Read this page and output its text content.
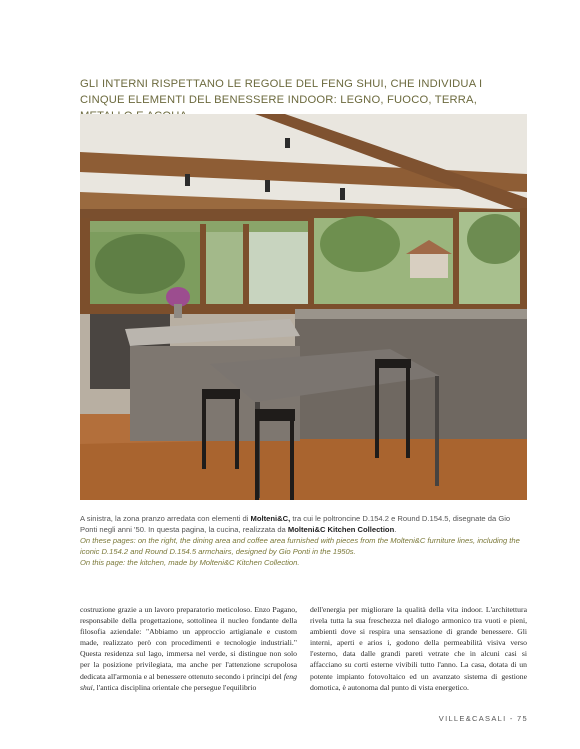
GLI INTERNI RISPETTANO LE REGOLE DEL FENG SHUI, CHE INDIVIDUA I CINQUE ELEMENTI DEL BENESSERE INDOOR: LEGNO, FUOCO, TERRA,

A sinistra, la zona pranzo arredata con elementi di Molteni&C, tra cui le poltroncine D.154.2 e Round D.154.5, disegnate da Gio Ponti negli anni '50. In questa pagina, la cucina, realizzata da Molteni&C Kitchen Collection.

On these pages: on the right, the dining area and coffee area furnished with pieces from the Molteni&C furniture lines, including the iconic D.154.2 and Round D.154.5 armchairs, designed by Gio Ponti in the 1950s.
On this page: the kitchen, made by Molteni&C Kitchen Collection.

costruzione grazie a un lavoro preparatorio meticoloso. Enzo Pagano, responsabile della progettazione, sottolinea il nucleo fondante della filosofia aziendale: "Abbiamo un approccio artigianale e custom made, realizzato però con procedimenti e tecnologie industriali." Questa residenza sul lago, immersa nel verde, si distingue non solo per la posizione privilegiata, ma anche per l'attenzione scrupolosa dedicata all'armonia e al benessere ottenuto secondo i principi del feng shui, l'antica disciplina orientale che persegue l'equilibrio

dell'energia per migliorare la qualità della vita indoor. L'architettura rivela tutta la sua freschezza nel dialogo armonico tra vuoti e pieni, ambienti dove si respira una sensazione di grande benessere. Gli interni, aperti e arios i, godono della permeabilità visiva verso l'esterno, data dalle grandi pareti vetrate che in alcuni casi si affacciano su corti esterne vivibili tutto l'anno. La casa, dotata di un potente impianto fotovoltaico ed un avanzato sistema di gestione domotica, è autonoma dal punto di vista energetico.

VILLE&CASALI - 75
